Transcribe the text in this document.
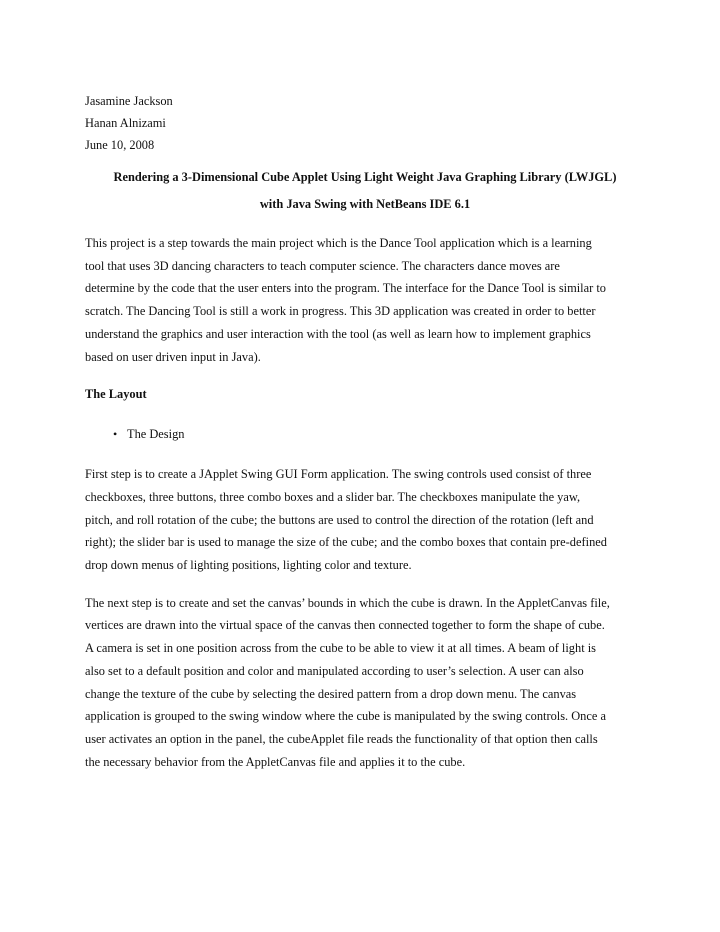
Jasamine Jackson
Hanan Alnizami
June 10, 2008
Rendering a 3-Dimensional Cube Applet Using Light Weight Java Graphing Library (LWJGL)
with Java Swing with NetBeans IDE 6.1
This project is a step towards the main project which is the Dance Tool application which is a learning
tool that uses 3D dancing characters to teach computer science. The characters dance moves are
determine by the code that the user enters into the program. The interface for the Dance Tool is similar to
scratch. The Dancing Tool is still a work in progress. This 3D application was created in order to better
understand the graphics and user interaction with the tool (as well as learn how to implement graphics
based on user driven input in Java).
The Layout
• The Design
First step is to create a JApplet Swing GUI Form application. The swing controls used consist of three
checkboxes, three buttons, three combo boxes and a slider bar. The checkboxes manipulate the yaw,
pitch, and roll rotation of the cube; the buttons are used to control the direction of the rotation (left and
right); the slider bar is used to manage the size of the cube; and the combo boxes that contain pre-defined
drop down menus of lighting positions, lighting color and texture.
The next step is to create and set the canvas’ bounds in which the cube is drawn. In the AppletCanvas file,
vertices are drawn into the virtual space of the canvas then connected together to form the shape of cube.
A camera is set in one position across from the cube to be able to view it at all times. A beam of light is
also set to a default position and color and manipulated according to user’s selection. A user can also
change the texture of the cube by selecting the desired pattern from a drop down menu. The canvas
application is grouped to the swing window where the cube is manipulated by the swing controls. Once a
user activates an option in the panel, the cubeApplet file reads the functionality of that option then calls
the necessary behavior from the AppletCanvas file and applies it to the cube.
